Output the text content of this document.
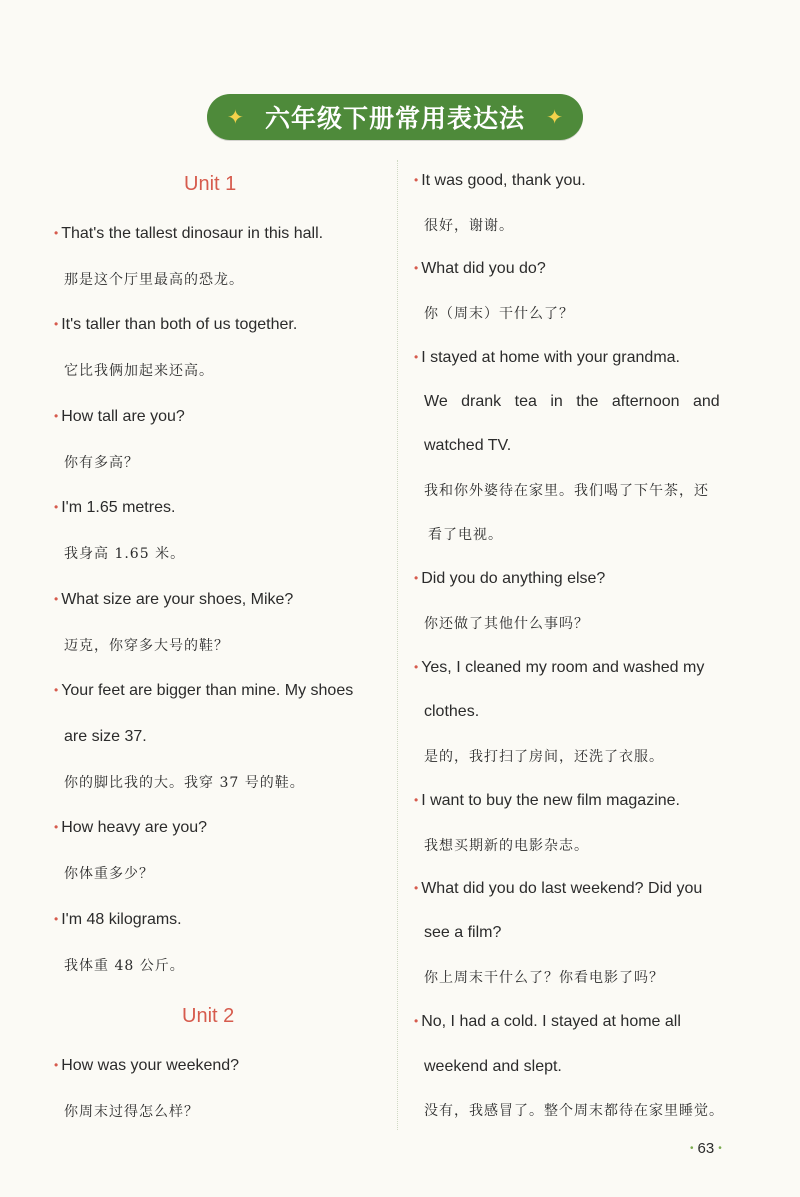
✦ 六年级下册常用表达法 ✦
Unit 1
• That's the tallest dinosaur in this hall.
那是这个厅里最高的恐龙。
• It's taller than both of us together.
它比我俩加起来还高。
• How tall are you?
你有多高？
• I'm 1.65 metres.
我身高 1.65 米。
• What size are your shoes, Mike?
迈克，你穿多大号的鞋？
• Your feet are bigger than mine. My shoes
are size 37.
你的脚比我的大。我穿 37 号的鞋。
• How heavy are you?
你体重多少？
• I'm 48 kilograms.
我体重 48 公斤。
Unit 2
• How was your weekend?
你周末过得怎么样？
• It was good, thank you.
很好，谢谢。
• What did you do?
你（周末）干什么了？
• I stayed at home with your grandma.
We drank tea in the afternoon and
watched TV.
我和你外婆待在家里。我们喝了下午茶，还
看了电视。
• Did you do anything else?
你还做了其他什么事吗？
• Yes, I cleaned my room and washed my
clothes.
是的，我打扫了房间，还洗了衣服。
• I want to buy the new film magazine.
我想买期新的电影杂志。
• What did you do last weekend? Did you
see a film?
你上周末干什么了？你看电影了吗？
• No, I had a cold. I stayed at home all
weekend and slept.
没有，我感冒了。整个周末都待在家里睡觉。
• 63 •
